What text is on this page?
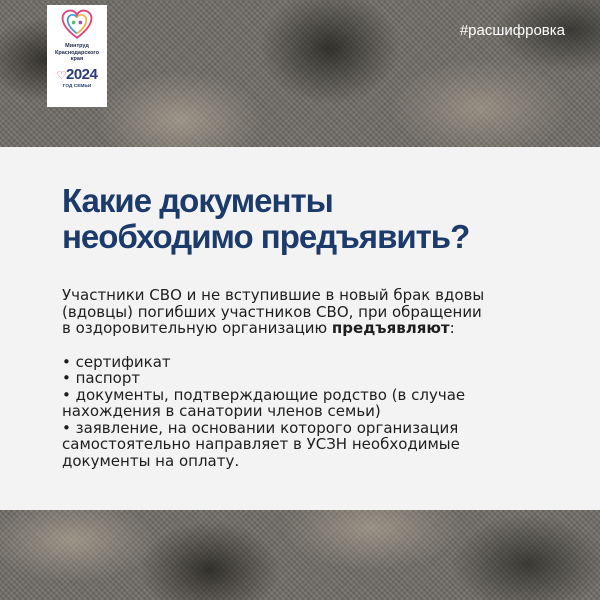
Минтруд
Краснодарского
края
♡2024
ГОД СЕМЬИ
#расшифровка
Какие документы
необходимо предъявить?

Участники СВО и не вступившие в новый брак вдовы
(вдовцы) погибших участников СВО, при обращении
в оздоровительную организацию предъявляют:

• сертификат
• паспорт
• документы, подтверждающие родство (в случае
нахождения в санатории членов семьи)
• заявление, на основании которого организация
самостоятельно направляет в УСЗН необходимые
документы на оплату.
